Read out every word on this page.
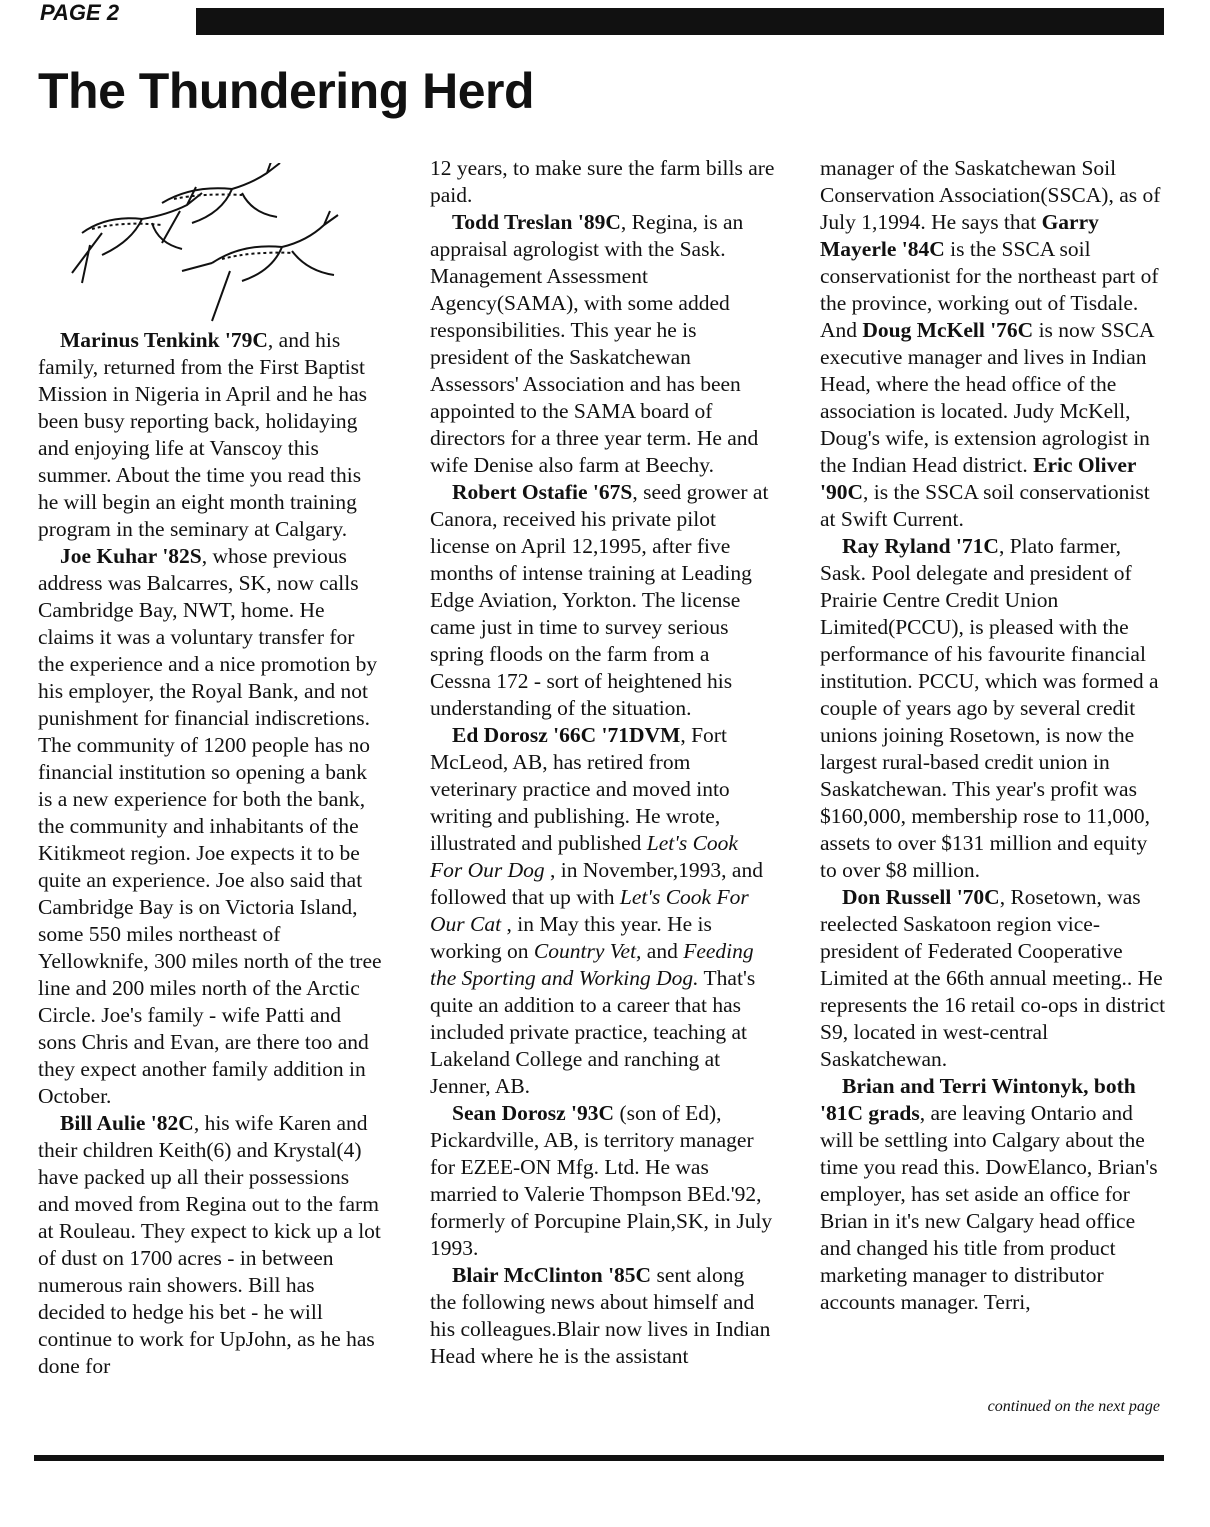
PAGE 2
The Thundering Herd

Marinus Tenkink '79C, and his family, returned from the First Baptist Mission in Nigeria in April and he has been busy reporting back, holidaying and enjoying life at Vanscoy this summer. About the time you read this he will begin an eight month training program in the seminary at Calgary.

Joe Kuhar '82S, whose previous address was Balcarres, SK, now calls Cambridge Bay, NWT, home. He claims it was a voluntary transfer for the experience and a nice promotion by his employer, the Royal Bank, and not punishment for financial indiscretions. The community of 1200 people has no financial institution so opening a bank is a new experience for both the bank, the community and inhabitants of the Kitikmeot region. Joe expects it to be quite an experience. Joe also said that Cambridge Bay is on Victoria Island, some 550 miles northeast of Yellowknife, 300 miles north of the tree line and 200 miles north of the Arctic Circle. Joe's family - wife Patti and sons Chris and Evan, are there too and they expect another family addition in October.

Bill Aulie '82C, his wife Karen and their children Keith(6) and Krystal(4) have packed up all their possessions and moved from Regina out to the farm at Rouleau. They expect to kick up a lot of dust on 1700 acres - in between numerous rain showers. Bill has decided to hedge his bet - he will continue to work for UpJohn, as he has done for

12 years, to make sure the farm bills are paid.

Todd Treslan '89C, Regina, is an appraisal agrologist with the Sask. Management Assessment Agency(SAMA), with some added responsibilities. This year he is president of the Saskatchewan Assessors' Association and has been appointed to the SAMA board of directors for a three year term. He and wife Denise also farm at Beechy.

Robert Ostafie '67S, seed grower at Canora, received his private pilot license on April 12,1995, after five months of intense training at Leading Edge Aviation, Yorkton. The license came just in time to survey serious spring floods on the farm from a Cessna 172 - sort of heightened his understanding of the situation.

Ed Dorosz '66C '71DVM, Fort McLeod, AB, has retired from veterinary practice and moved into writing and publishing. He wrote, illustrated and published Let's Cook For Our Dog , in November,1993, and followed that up with Let's Cook For Our Cat , in May this year. He is working on Country Vet, and Feeding the Sporting and Working Dog. That's quite an addition to a career that has included private practice, teaching at Lakeland College and ranching at Jenner, AB.

Sean Dorosz '93C (son of Ed), Pickardville, AB, is territory manager for EZEE-ON Mfg. Ltd. He was married to Valerie Thompson BEd.'92, formerly of Porcupine Plain,SK, in July 1993.

Blair McClinton '85C sent along the following news about himself and his colleagues.Blair now lives in Indian Head where he is the assistant

manager of the Saskatchewan Soil Conservation Association(SSCA), as of July 1,1994. He says that Garry Mayerle '84C is the SSCA soil conservationist for the northeast part of the province, working out of Tisdale. And Doug McKell '76C is now SSCA executive manager and lives in Indian Head, where the head office of the association is located. Judy McKell, Doug's wife, is extension agrologist in the Indian Head district. Eric Oliver '90C, is the SSCA soil conservationist at Swift Current.

Ray Ryland '71C, Plato farmer, Sask. Pool delegate and president of Prairie Centre Credit Union Limited(PCCU), is pleased with the performance of his favourite financial institution. PCCU, which was formed a couple of years ago by several credit unions joining Rosetown, is now the largest rural-based credit union in Saskatchewan. This year's profit was $160,000, membership rose to 11,000, assets to over $131 million and equity to over $8 million.

Don Russell '70C, Rosetown, was reelected Saskatoon region vice-president of Federated Cooperative Limited at the 66th annual meeting.. He represents the 16 retail co-ops in district S9, located in west-central Saskatchewan.

Brian and Terri Wintonyk, both '81C grads, are leaving Ontario and will be settling into Calgary about the time you read this. DowElanco, Brian's employer, has set aside an office for Brian in it's new Calgary head office and changed his title from product marketing manager to distributor accounts manager. Terri,

continued on the next page
